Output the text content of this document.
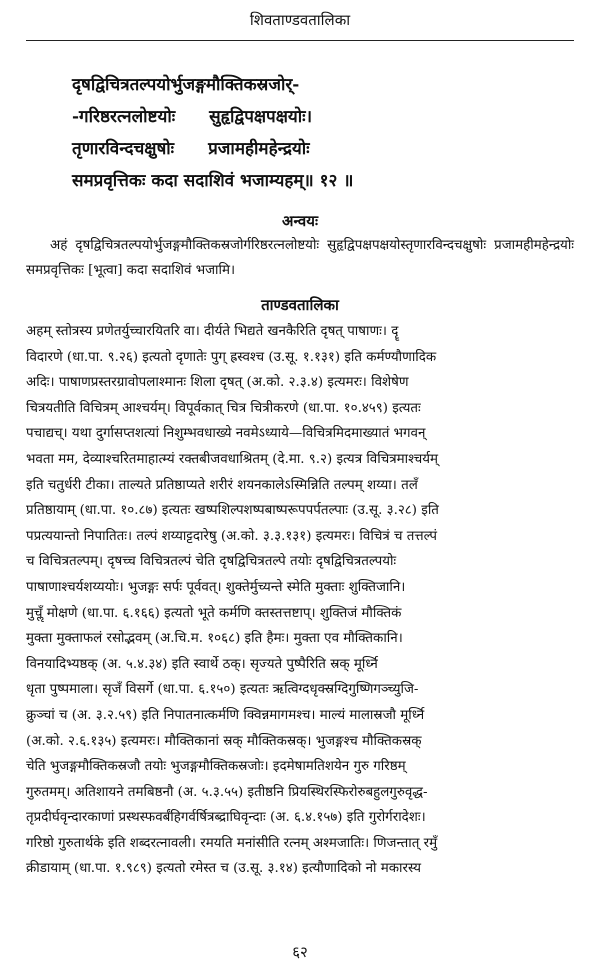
शिवताण्डवतालिका
दृषद्विचित्रतल्पयोर्भुजङ्गमौक्तिकस्रजोर्-
-गरिष्ठरत्नलोष्टयोः सुहृद्विपक्षपक्षयोः।
तृणारविन्दचक्षुषोः प्रजामहीमहेन्द्रयोः
समप्रवृत्तिकः कदा सदाशिवं भजाम्यहम्॥ १२ ॥
अन्वयः
अहं दृषद्विचित्रतल्पयोर्भुजङ्गमौक्तिकस्रजोर्गरिष्ठरत्नलोष्टयोः सुहृद्विपक्षपक्षयोस्तृणारविन्दचक्षुषोः प्रजामहीमहेन्द्रयोः समप्रवृत्तिकः [भूत्वा] कदा सदाशिवं भजामि।
ताण्डवतालिका
अहम् स्तोत्रस्य प्रणेतर्युच्चारयितरि वा। दीर्यते भिद्यते खनकैरिति दृषत् पाषाणः। दॄ
विदारणे (धा.पा. ९.२६) इत्यतो दृणातेः पुग् ह्रस्वश्च (उ.सू. १.१३१) इति कर्मण्यौणादिक
अदिः। पाषाणप्रस्तरग्रावोपलाश्मानः शिला दृषत् (अ.को. २.३.४) इत्यमरः। विशेषेण
चित्रयतीति विचित्रम् आश्चर्यम्। विपूर्वकात् चित्र चित्रीकरणे (धा.पा. १०.४५९) इत्यतः
पचाद्यच्। यथा दुर्गासप्तशत्यां निशुम्भवधाख्ये नवमेऽध्याये—विचित्रमिदमाख्यातं भगवन्
भवता मम, देव्याश्चरितमाहात्म्यं रक्तबीजवधाश्रितम् (दे.मा. ९.२) इत्यत्र विचित्रमाश्चर्यम्
इति चतुर्धरी टीका। ताल्यते प्रतिष्ठाप्यते शरीरं शयनकालेऽस्मिन्निति तल्पम् शय्या। तलँ
प्रतिष्ठायाम् (धा.पा. १०.८७) इत्यतः खष्पशिल्पशष्पबाष्परूपपर्पतल्पाः (उ.सू. ३.२८) इति
पप्रत्ययान्तो निपातितः। तल्पं शय्याट्टदारेषु (अ.को. ३.३.१३१) इत्यमरः। विचित्रं च तत्तल्पं
च विचित्रतल्पम्। दृषच्च विचित्रतल्पं चेति दृषद्विचित्रतल्पे तयोः दृषद्विचित्रतल्पयोः
पाषाणाश्चर्यशय्ययोः। भुजङ्गः सर्पः पूर्ववत्। शुक्तेर्मुच्यन्ते स्मेति मुक्ताः शुक्तिजानि।
मुचॢँ मोक्षणे (धा.पा. ६.१६६) इत्यतो भूते कर्मणि क्तस्तत्तष्टाप्। शुक्तिजं मौक्तिकं
मुक्ता मुक्ताफलं रसोद्भवम् (अ.चि.म. १०६८) इति हैमः। मुक्ता एव मौक्तिकानि।
विनयादिभ्यष्ठक् (अ. ५.४.३४) इति स्वार्थे ठक्। सृज्यते पुष्पैरिति स्रक् मूर्ध्नि
धृता पुष्पमाला। सृजँ विसर्गे (धा.पा. ६.१५०) इत्यतः ऋत्विग्दधृक्स्रग्दिगुष्णिगञ्च्युजि-
क्रुञ्चां च (अ. ३.२.५९) इति निपातनात्कर्मणि क्विन्नमागमश्च। माल्यं मालास्रजौ मूर्ध्नि
(अ.को. २.६.१३५) इत्यमरः। मौक्तिकानां स्रक् मौक्तिकस्रक्। भुजङ्गश्च मौक्तिकस्रक्
चेति भुजङ्गमौक्तिकस्रजौ तयोः भुजङ्गमौक्तिकस्रजोः। इदमेषामतिशयेन गुरु गरिष्ठम्
गुरुतमम्। अतिशायने तमबिष्ठनौ (अ. ५.३.५५) इतीष्ठनि प्रियस्थिरस्फिरोरुबहुलगुरुवृद्ध-
तृप्रदीर्घवृन्दारकाणां प्रस्थस्फवर्बंहिगर्वर्षित्रब्द्राघिवृन्दाः (अ. ६.४.१५७) इति गुरोर्गरादेशः।
गरिष्ठो गुरुतार्थके इति शब्दरत्नावली। रमयति मनांसीति रत्नम् अश्मजातिः। णिजन्तात् रमुँ
क्रीडायाम् (धा.पा. १.९८९) इत्यतो रमेस्त च (उ.सू. ३.१४) इत्यौणादिको नो मकारस्य
६२
